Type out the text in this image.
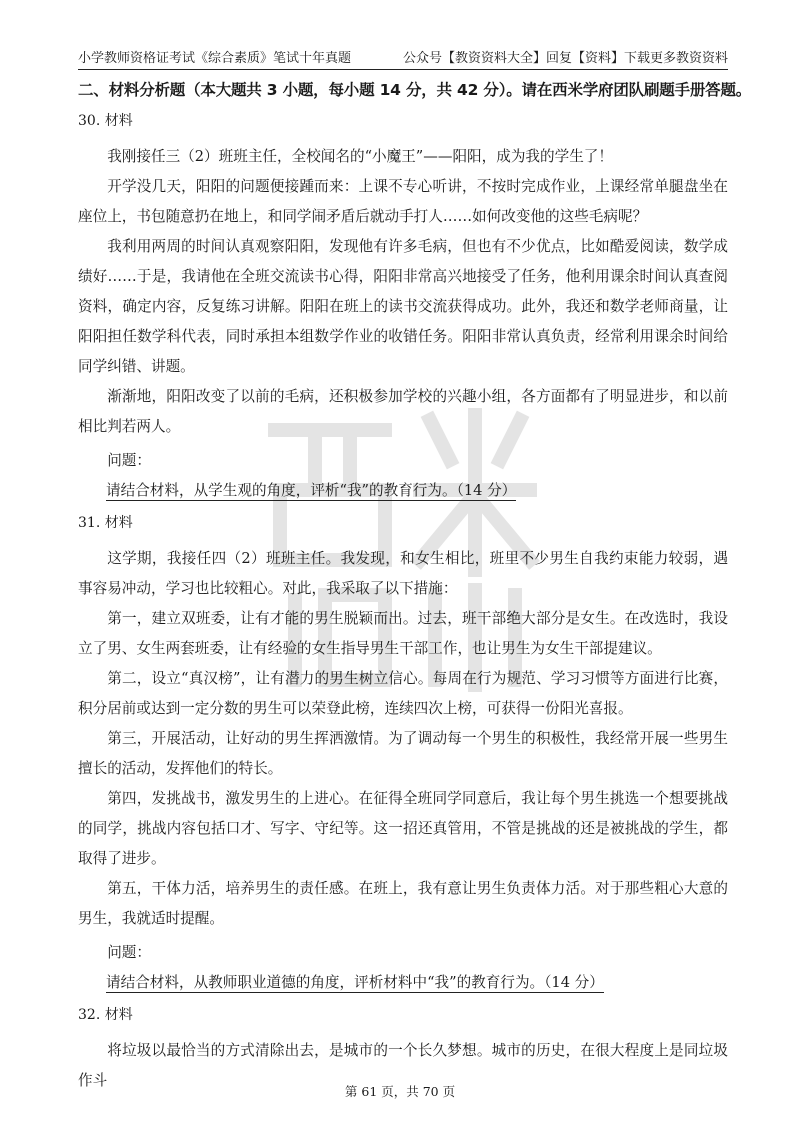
小学教师资格证考试《综合素质》笔试十年真题	公众号【教资资料大全】回复【资料】下载更多教资资料
二、材料分析题（本大题共 3 小题，每小题 14 分，共 42 分）。请在西米学府团队刷题手册答题。
30. 材料

我刚接任三（2）班班主任，全校闻名的“小魔王”——阳阳，成为我的学生了！

开学没几天，阳阳的问题便接踵而来：上课不专心听讲，不按时完成作业，上课经常单腿盘坐在座位上，书包随意扔在地上，和同学闹矛盾后就动手打人……如何改变他的这些毛病呢？

我利用两周的时间认真观察阳阳，发现他有许多毛病，但也有不少优点，比如酷爱阅读，数学成绩好……于是，我请他在全班交流读书心得，阳阳非常高兴地接受了任务，他利用课余时间认真查阅资料，确定内容，反复练习讲解。阳阳在班上的读书交流获得成功。此外，我还和数学老师商量，让阳阳担任数学科代表，同时承担本组数学作业的收错任务。阳阳非常认真负责，经常利用课余时间给同学纠错、讲题。

渐渐地，阳阳改变了以前的毛病，还积极参加学校的兴趣小组，各方面都有了明显进步，和以前相比判若两人。

问题：

请结合材料，从学生观的角度，评析“我”的教育行为。（14 分）

31. 材料

这学期，我接任四（2）班班主任。我发现，和女生相比，班里不少男生自我约束能力较弱，遇事容易冲动，学习也比较粗心。对此，我采取了以下措施：

第一，建立双班委，让有才能的男生脱颖而出。过去，班干部绝大部分是女生。在改选时，我设立了男、女生两套班委，让有经验的女生指导男生干部工作，也让男生为女生干部提建议。

第二，设立“真汉榜”，让有潜力的男生树立信心。每周在行为规范、学习习惯等方面进行比赛，积分居前或达到一定分数的男生可以荣登此榜，连续四次上榜，可获得一份阳光喜报。

第三，开展活动，让好动的男生挥洒激情。为了调动每一个男生的积极性，我经常开展一些男生擅长的活动，发挥他们的特长。

第四，发挑战书，激发男生的上进心。在征得全班同学同意后，我让每个男生挑选一个想要挑战的同学，挑战内容包括口才、写字、守纪等。这一招还真管用，不管是挑战的还是被挑战的学生，都取得了进步。

第五，干体力活，培养男生的责任感。在班上，我有意让男生负责体力活。对于那些粗心大意的男生，我就适时提醒。

问题：

请结合材料，从教师职业道德的角度，评析材料中“我”的教育行为。（14 分）

32. 材料

将垃圾以最恰当的方式清除出去，是城市的一个长久梦想。城市的历史，在很大程度上是同垃圾作斗

第 61 页，共 70 页
